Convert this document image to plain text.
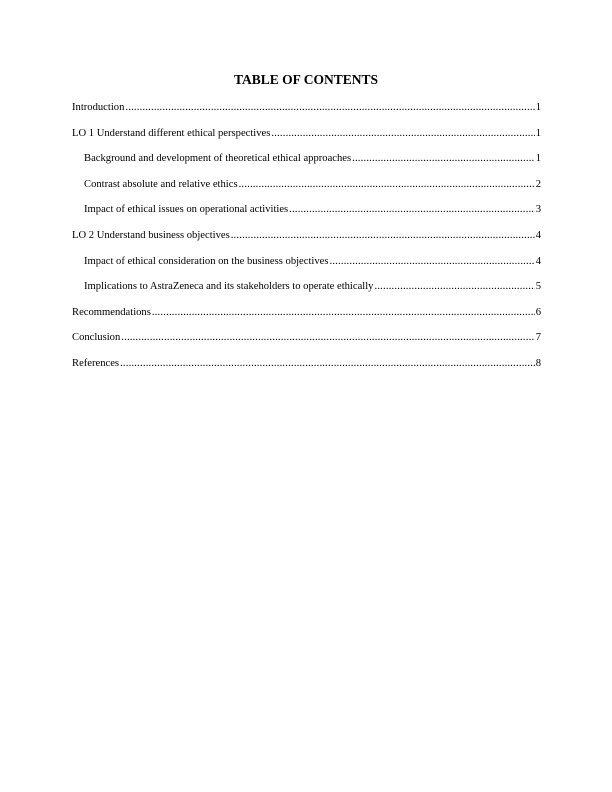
TABLE OF CONTENTS
Introduction .....	1
LO 1 Understand different ethical perspectives .....	1
Background and development of theoretical ethical approaches .....	1
Contrast absolute and relative ethics .....	2
Impact of ethical issues on operational activities .....	3
LO 2 Understand business objectives .....	4
Impact of ethical consideration on the business objectives .....	4
Implications to AstraZeneca and its stakeholders to operate ethically .....	5
Recommendations .....	6
Conclusion .....	7
References .....	8
